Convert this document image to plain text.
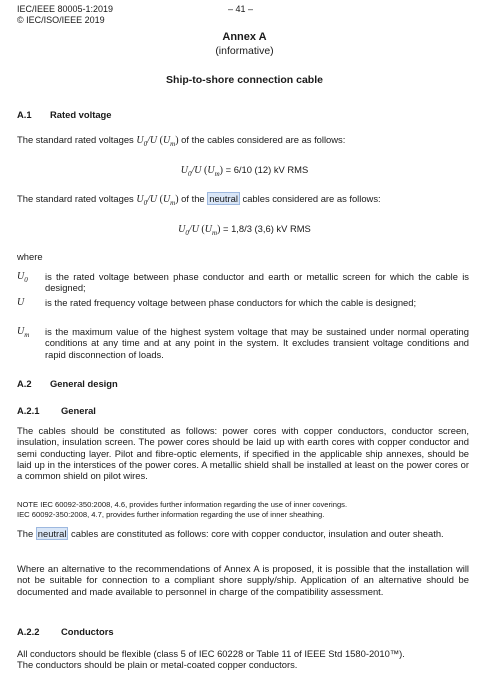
IEC/IEEE 80005-1:2019
© IEC/ISO/IEEE 2019
– 41 –
Annex A
(informative)
Ship-to-shore connection cable
A.1 Rated voltage
The standard rated voltages $U_0/U$ $(U_m)$ of the cables considered are as follows:
$U_0/U$ $(U_m) = 6/10$ (12) kV RMS
The standard rated voltages $U_0/U$ $(U_m)$ of the neutral cables considered are as follows:
$U_0/U$ $(U_m) = 1,8/3$ (3,6) kV RMS
where
$U_0$ is the rated voltage between phase conductor and earth or metallic screen for which the cable is designed;
U is the rated frequency voltage between phase conductors for which the cable is designed;
$U_m$ is the maximum value of the highest system voltage that may be sustained under normal operating conditions at any time and at any point in the system. It excludes transient voltage conditions and rapid disconnection of loads.
A.2 General design
A.2.1 General
The cables should be constituted as follows: power cores with copper conductors, conductor screen, insulation, insulation screen. The power cores should be laid up with earth cores with copper conductor and semi conducting layer. Pilot and fibre-optic elements, if specified in the applicable ship annexes, should be laid up in the interstices of the power cores. A metallic shield shall be installed at least on the power cores or a common shield on pilot wires.
NOTE IEC 60092-350:2008, 4.6, provides further information regarding the use of inner coverings.
IEC 60092-350:2008, 4.7, provides further information regarding the use of inner sheathing.
The neutral cables are constituted as follows: core with copper conductor, insulation and outer sheath.
Where an alternative to the recommendations of Annex A is proposed, it is possible that the installation will not be suitable for connection to a compliant shore supply/ship. Application of an alternative should be documented and made available to personnel in charge of the compatibility assessment.
A.2.2 Conductors
All conductors should be flexible (class 5 of IEC 60228 or Table 11 of IEEE Std 1580-2010™).
The conductors should be plain or metal-coated copper conductors.
